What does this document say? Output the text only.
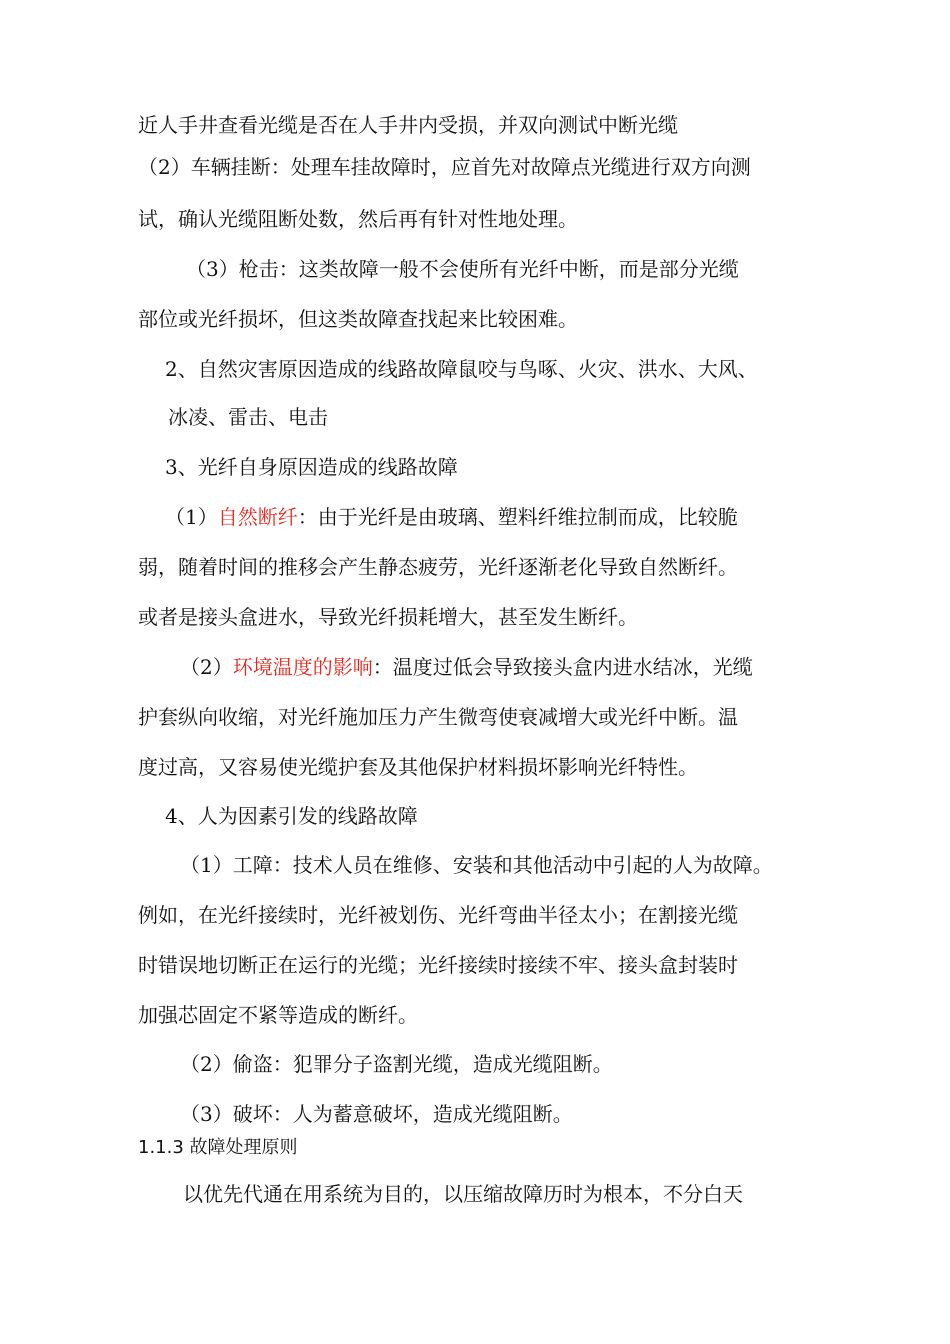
近人手井查看光缆是否在人手井内受损，并双向测试中断光缆

（2）车辆挂断：处理车挂故障时，应首先对故障点光缆进行双方向测

试，确认光缆阻断处数，然后再有针对性地处理。

（3）枪击：这类故障一般不会使所有光纤中断，而是部分光缆

部位或光纤损坏，但这类故障查找起来比较困难。

2、自然灾害原因造成的线路故障鼠咬与鸟啄、火灾、洪水、大风、

冰凌、雷击、电击

3、光纤自身原因造成的线路故障

（1）自然断纤：由于光纤是由玻璃、塑料纤维拉制而成，比较脆

弱，随着时间的推移会产生静态疲劳，光纤逐渐老化导致自然断纤。

或者是接头盒进水，导致光纤损耗增大，甚至发生断纤。

（2）环境温度的影响：温度过低会导致接头盒内进水结冰，光缆

护套纵向收缩，对光纤施加压力产生微弯使衰减增大或光纤中断。温

度过高，又容易使光缆护套及其他保护材料损坏影响光纤特性。

4、人为因素引发的线路故障

（1）工障：技术人员在维修、安装和其他活动中引起的人为故障。

例如，在光纤接续时，光纤被划伤、光纤弯曲半径太小；在割接光缆

时错误地切断正在运行的光缆；光纤接续时接续不牢、接头盒封装时

加强芯固定不紧等造成的断纤。

（2）偷盗：犯罪分子盗割光缆，造成光缆阻断。

（3）破坏：人为蓄意破坏，造成光缆阻断。

1.1.3 故障处理原则

以优先代通在用系统为目的，以压缩故障历时为根本，不分白天
